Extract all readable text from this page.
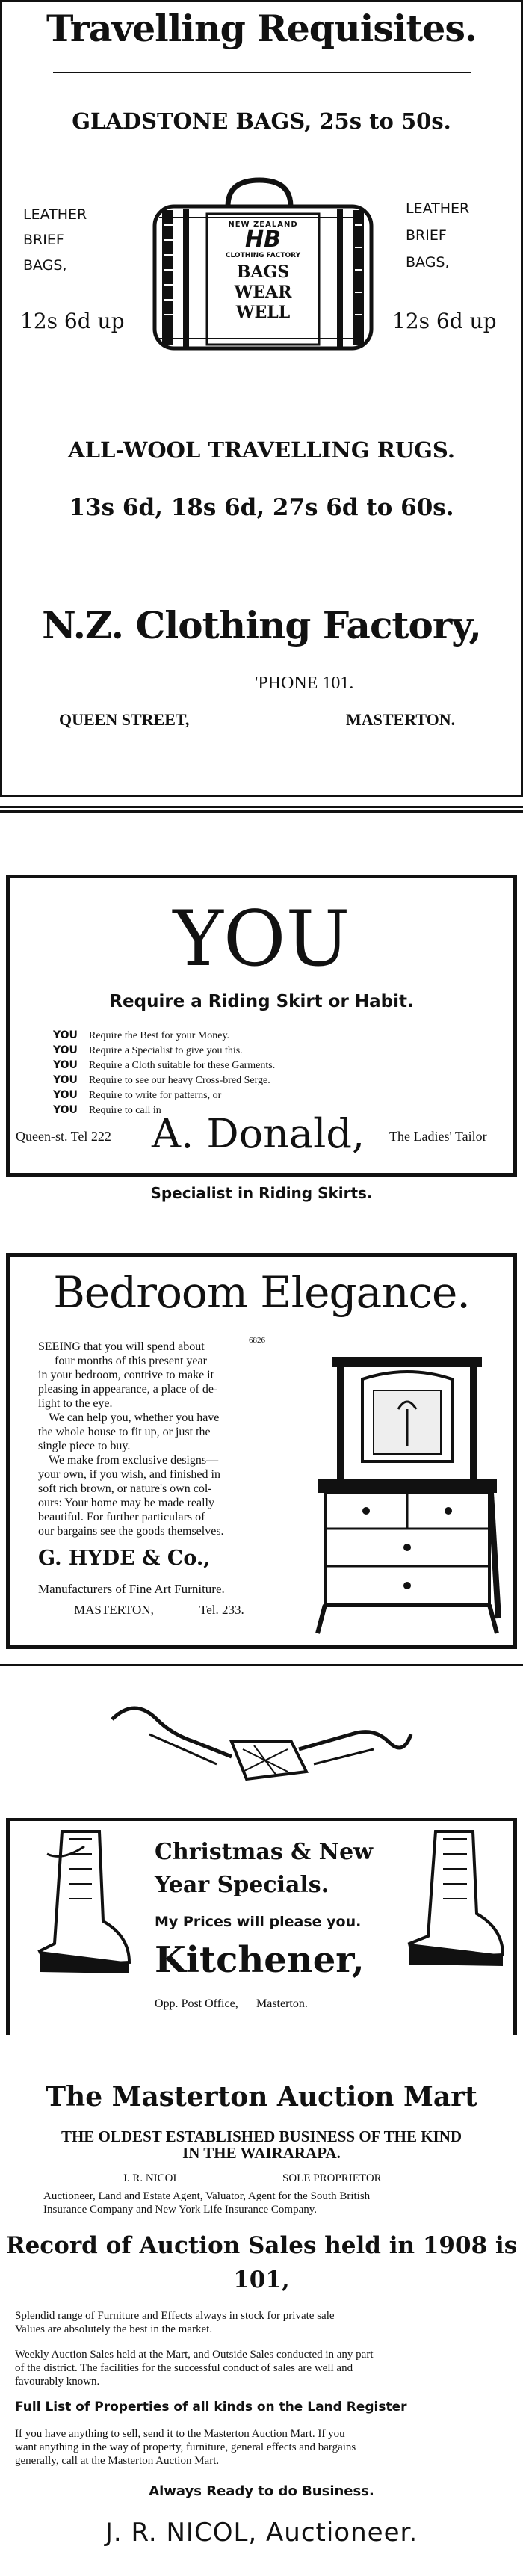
Travelling Requisites.
GLADSTONE BAGS, 25s to 50s.
LEATHER
BRIEF
BAGS,
12s 6d up
LEATHER
BRIEF
BAGS,
12s 6d up
NEW ZEALAND
CLOTHING FACTORY
HB
BAGS
WEAR
WELL
ALL-WOOL TRAVELLING RUGS.
13s 6d, 18s 6d, 27s 6d to 60s.
N.Z. Clothing Factory,
'PHONE 101.
QUEEN STREET,	MASTERTON.
YOU
Require a Riding Skirt or Habit.
YOU Require the Best for your Money.
YOU Require a Specialist to give you this.
YOU Require a Cloth suitable for these Garments.
YOU Require to see our heavy Cross-bred Serge.
YOU Require to write for patterns, or
YOU Require to call in
Queen-st. Tel 222 A. Donald, The Ladies' Tailor
Specialist in Riding Skirts.
Bedroom Elegance.
6826
SEEING that you will spend about
four months of this present year
in your bedroom, contrive to make it
pleasing in appearance, a place of de-
light to the eye.
We can help you, whether you have
the whole house to fit up, or just the
single piece to buy.
We make from exclusive designs—
your own, if you wish, and finished in
soft rich brown, or nature's own col-
ours: Your home may be made really
beautiful. For further particulars of
our bargains see the goods themselves.
G. HYDE & Co.,
Manufacturers of Fine Art Furniture.
MASTERTON,	Tel. 233.
Christmas & New
Year Specials.
My Prices will please you.
Kitchener,
Opp. Post Office, Masterton.
The Masterton Auction Mart
THE OLDEST ESTABLISHED BUSINESS OF THE KIND
IN THE WAIRARAPA.
J. R. NICOL	SOLE PROPRIETOR
Auctioneer, Land and Estate Agent, Valuator, Agent for the South British
Insurance Company and New York Life Insurance Company.
Record of Auction Sales held in 1908 is
101,
Splendid range of Furniture and Effects always in stock for private sale
Values are absolutely the best in the market.
Weekly Auction Sales held at the Mart, and Outside Sales conducted in any part
of the district. The facilities for the successful conduct of sales are well and
favourably known.
Full List of Properties of all kinds on the Land Register
If you have anything to sell, send it to the Masterton Auction Mart. If you
want anything in the way of property, furniture, general effects and bargains
generally, call at the Masterton Auction Mart.
Always Ready to do Business.
J. R. NICOL, Auctioneer.
